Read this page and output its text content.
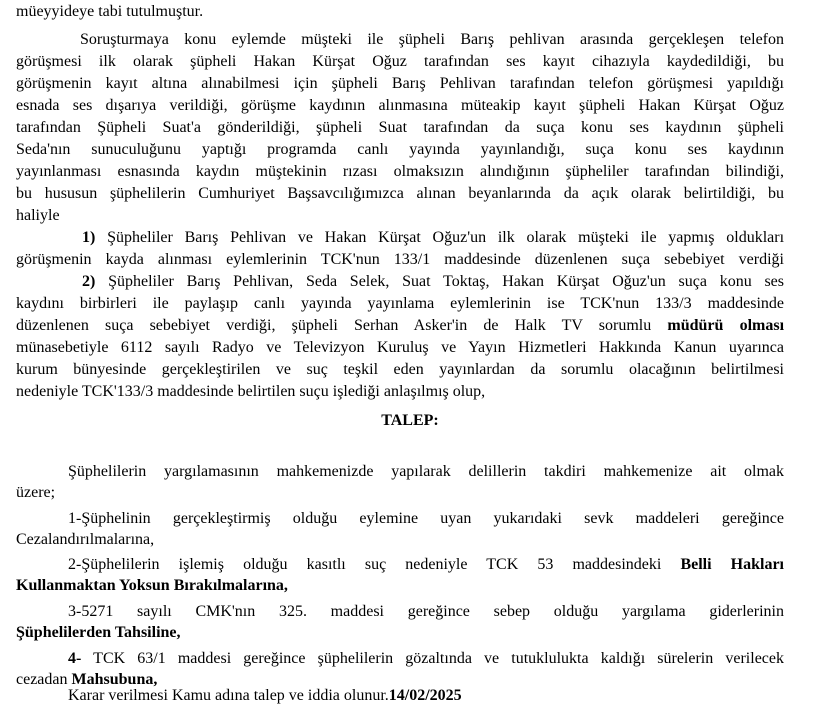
müeyyideye tabi tutulmuştur.
Soruşturmaya konu eylemde müşteki ile şüpheli Barış pehlivan arasında gerçekleşen telefon
görüşmesi ilk olarak şüpheli Hakan Kürşat Oğuz tarafından ses kayıt cihazıyla kaydedildiği, bu
görüşmenin kayıt altına alınabilmesi için şüpheli Barış Pehlivan tarafından telefon görüşmesi yapıldığı
esnada ses dışarıya verildiği, görüşme kaydının alınmasına müteakip kayıt şüpheli Hakan Kürşat Oğuz
tarafından Şüpheli Suat'a gönderildiği, şüpheli Suat tarafından da suça konu ses kaydının şüpheli
Seda'nın sunuculuğunu yaptığı programda canlı yayında yayınlandığı, suça konu ses kaydının
yayınlanması esnasında kaydın müştekinin rızası olmaksızın alındığının şüpheliler tarafından bilindiği,
bu hususun şüphelilerin Cumhuriyet Başsavcılığımızca alınan beyanlarında da açık olarak belirtildiği, bu
haliyle
1) Şüpheliler Barış Pehlivan ve Hakan Kürşat Oğuz'un ilk olarak müşteki ile yapmış oldukları
görüşmenin kayda alınması eylemlerinin TCK'nun 133/1 maddesinde düzenlenen suça sebebiyet verdiği
2) Şüpheliler Barış Pehlivan, Seda Selek, Suat Toktaş, Hakan Kürşat Oğuz'un suça konu ses
kaydını birbirleri ile paylaşıp canlı yayında yayınlama eylemlerinin ise TCK'nun 133/3 maddesinde
düzenlenen suça sebebiyet verdiği, şüpheli Serhan Asker'in de Halk TV sorumlu müdürü olması
münasebetiyle 6112 sayılı Radyo ve Televizyon Kuruluş ve Yayın Hizmetleri Hakkında Kanun uyarınca
kurum bünyesinde gerçekleştirilen ve suç teşkil eden yayınlardan da sorumlu olacağının belirtilmesi
nedeniyle TCK'133/3 maddesinde belirtilen suçu işlediği anlaşılmış olup,
TALEP:
Şüphelilerin yargılamasının mahkemenizde yapılarak delillerin takdiri mahkemenize ait olmak
üzere;
1-Şüphelinin gerçekleştirmiş olduğu eylemine uyan yukarıdaki sevk maddeleri gereğince
Cezalandırılmalarına,
2-Şüphelilerin işlemiş olduğu kasıtlı suç nedeniyle TCK 53 maddesindeki Belli Hakları
Kullanmaktan Yoksun Bırakılmalarına,
3-5271 sayılı CMK'nın 325. maddesi gereğince sebep olduğu yargılama giderlerinin
Şüphelilerden Tahsiline,
4- TCK 63/1 maddesi gereğince şüphelilerin gözaltında ve tutuklulukta kaldığı sürelerin verilecek
cezadan Mahsubuna,
Karar verilmesi Kamu adına talep ve iddia olunur.14/02/2025
